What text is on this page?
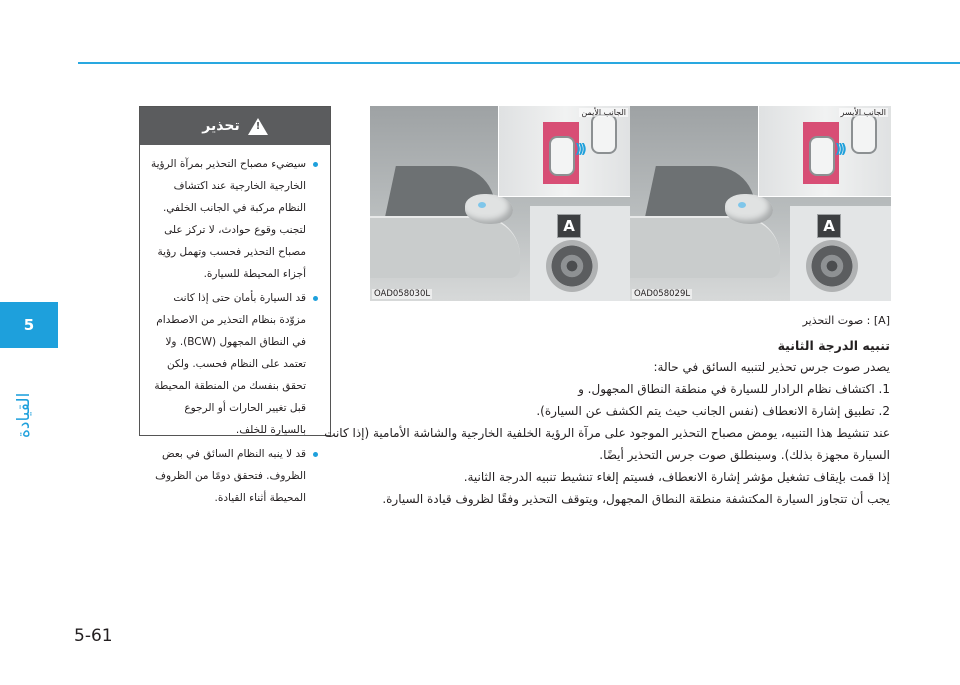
5
القيادة
!
تحذير
سيضيء مصباح التحذير بمرآة الرؤية الخارجية الخارجية عند اكتشاف النظام مركبة في الجانب الخلفي. لتجنب وقوع حوادث، لا تركز على مصباح التحذير فحسب وتهمل رؤية أجزاء المحيطة للسيارة.
قد السيارة بأمان حتى إذا كانت مزوّدة بنظام التحذير من الاصطدام في النطاق المجهول (BCW). ولا تعتمد على النظام فحسب. ولكن تحقق بنفسك من المنطقة المحيطة قبل تغيير الحارات أو الرجوع بالسيارة للخلف.
قد لا ينبه النظام السائق في بعض الظروف. فتحقق دومًا من الظروف المحيطة أثناء القيادة.
)))
الجانب الأيمن
A
OAD058030L
)))
الجانب الأيسر
A
OAD058029L

[A] : صوت التحذير

تنبيه الدرجة الثانية

يصدر صوت جرس تحذير لتنبيه السائق في حالة:

1. اكتشاف نظام الرادار للسيارة في منطقة النطاق المجهول. و

2. تطبيق إشارة الانعطاف (نفس الجانب حيث يتم الكشف عن السيارة).

عند تنشيط هذا التنبيه، يومض مصباح التحذير الموجود على مرآة الرؤية الخلفية الخارجية والشاشة الأمامية (إذا كانت السيارة مجهزة بذلك). وسينطلق صوت جرس التحذير أيضًا.

إذا قمت بإيقاف تشغيل مؤشر إشارة الانعطاف، فسيتم إلغاء تنشيط تنبيه الدرجة الثانية.

يجب أن تتجاوز السيارة المكتشفة منطقة النطاق المجهول، ويتوقف التحذير وفقًا لظروف قيادة السيارة.

5-61
